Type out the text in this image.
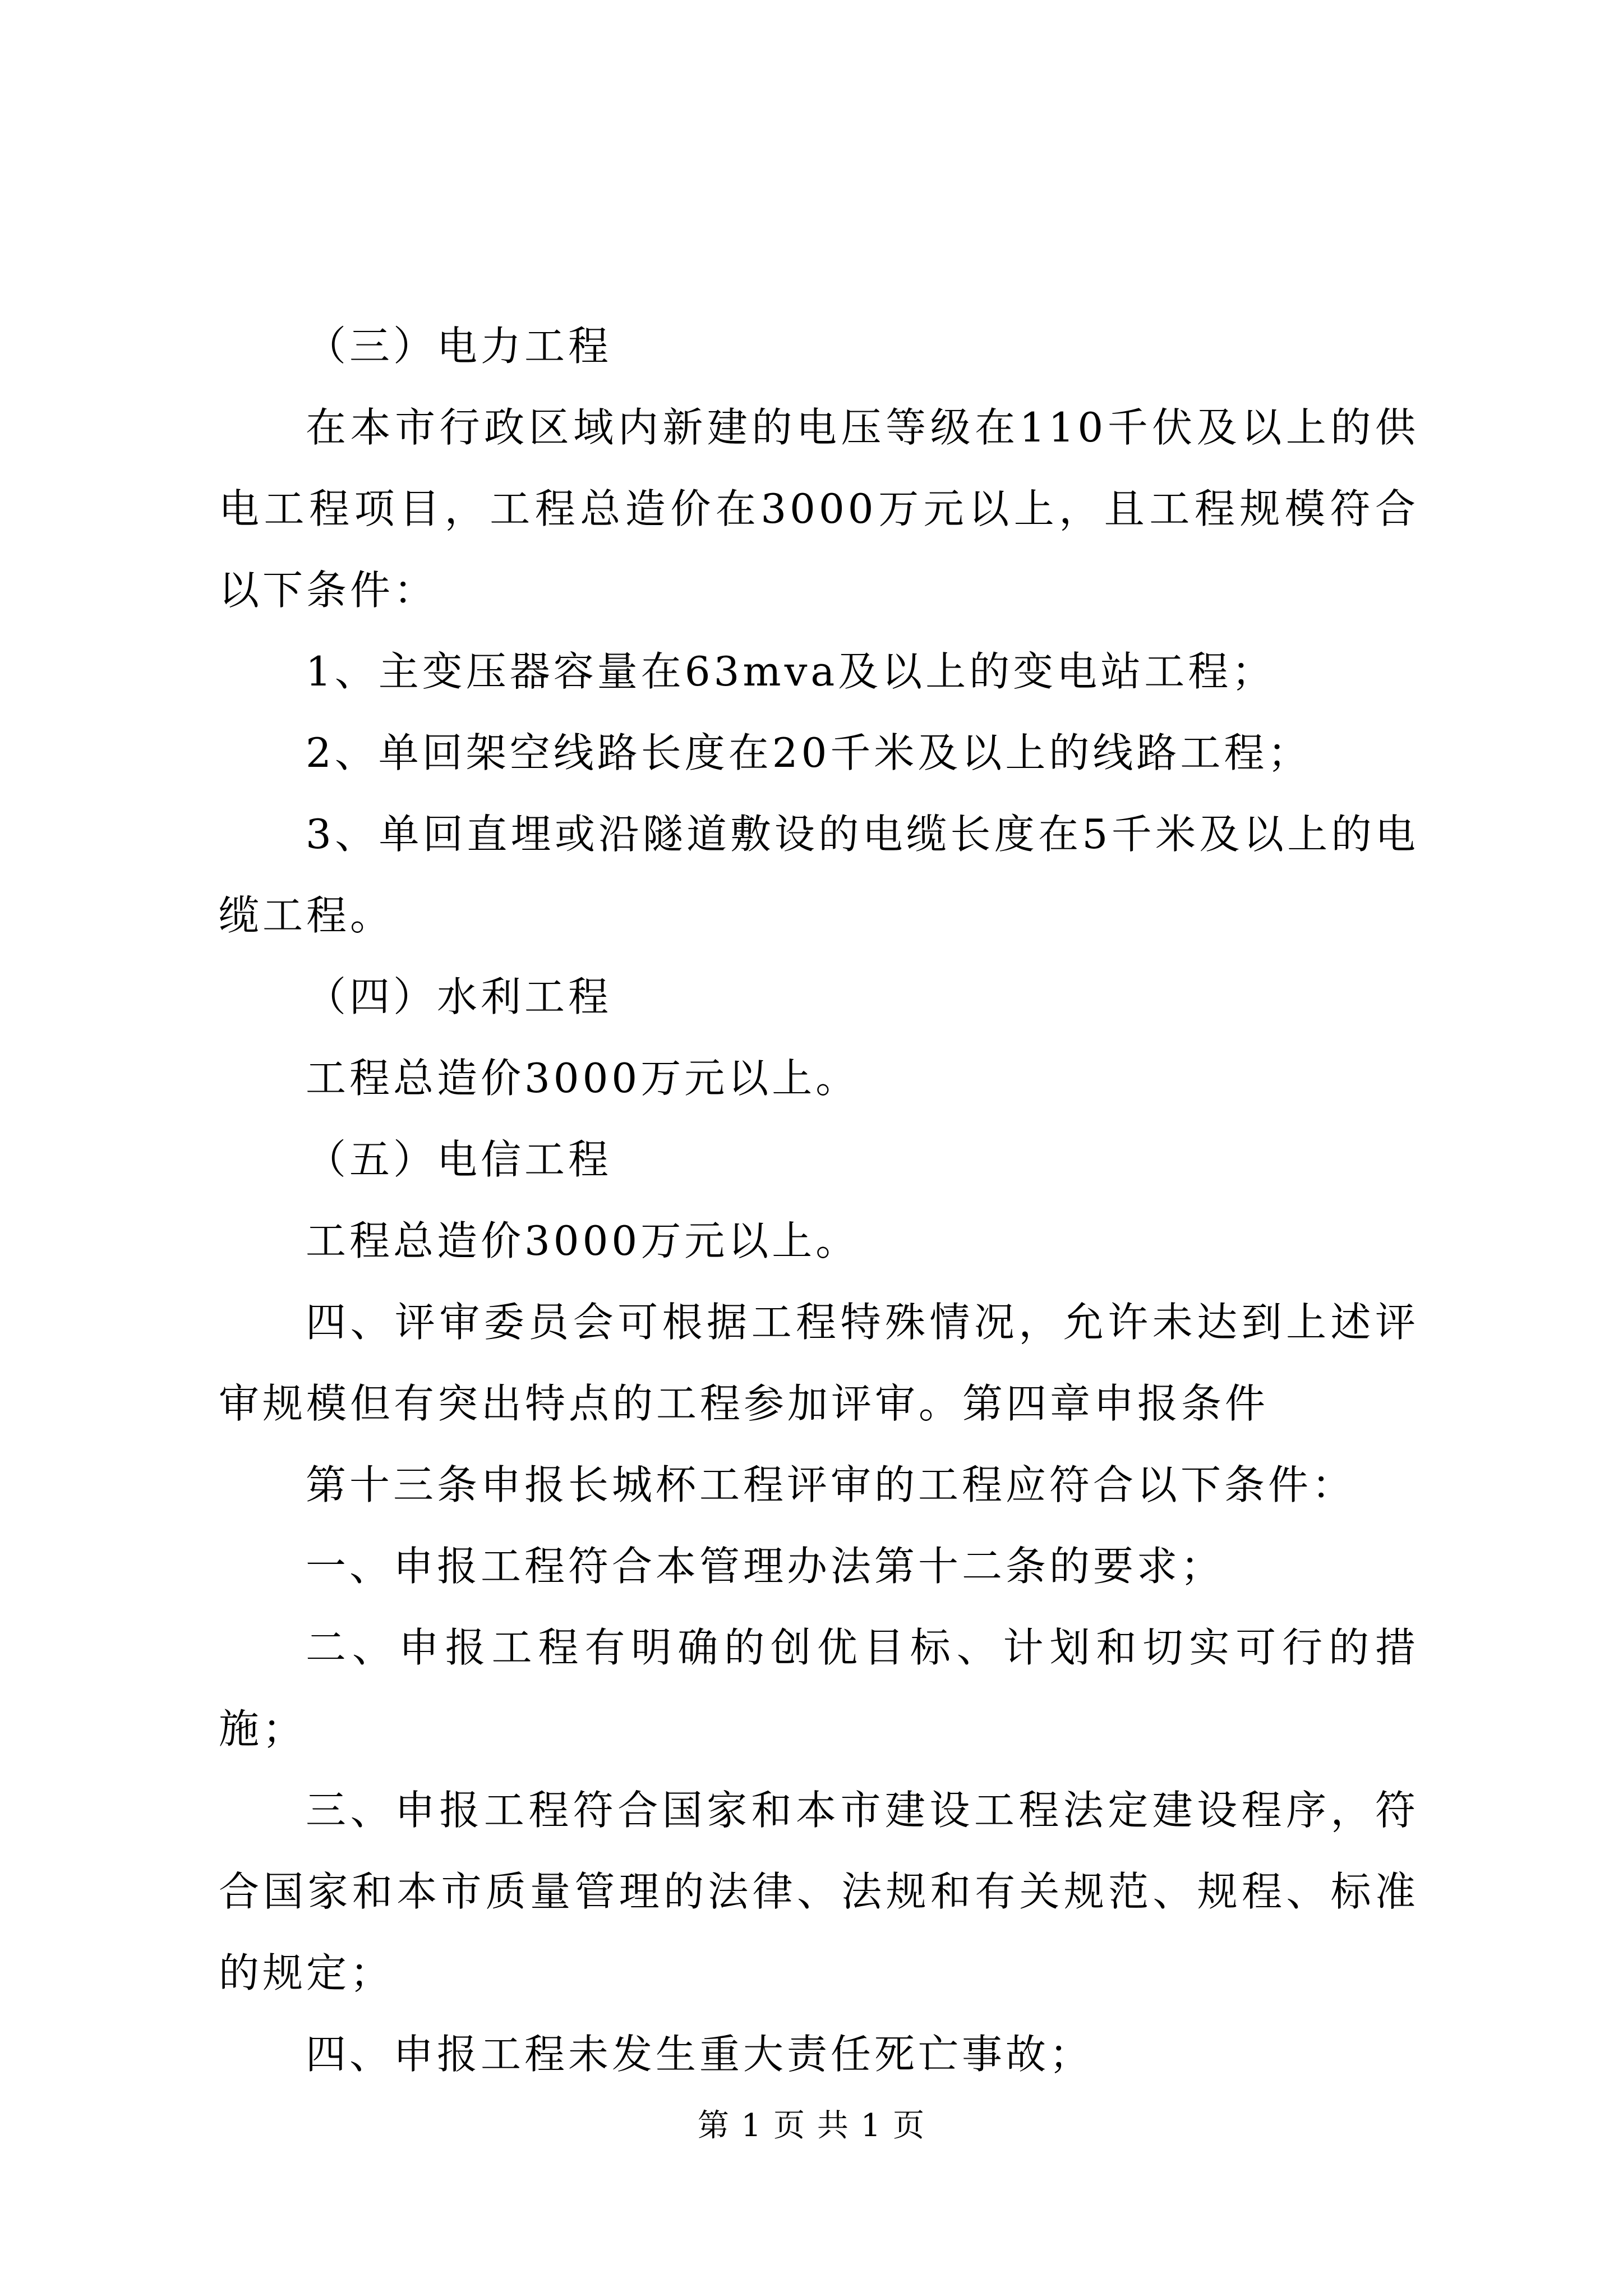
（三）电力工程

在本市行政区域内新建的电压等级在110千伏及以上的供电工程项目，工程总造价在3000万元以上，且工程规模符合以下条件：

1、主变压器容量在63mva及以上的变电站工程；

2、单回架空线路长度在20千米及以上的线路工程；

3、单回直埋或沿隧道敷设的电缆长度在5千米及以上的电缆工程。

（四）水利工程

工程总造价3000万元以上。

（五）电信工程

工程总造价3000万元以上。

四、评审委员会可根据工程特殊情况，允许未达到上述评审规模但有突出特点的工程参加评审。第四章申报条件

第十三条申报长城杯工程评审的工程应符合以下条件：

一、申报工程符合本管理办法第十二条的要求；

二、申报工程有明确的创优目标、计划和切实可行的措施；

三、申报工程符合国家和本市建设工程法定建设程序，符合国家和本市质量管理的法律、法规和有关规范、规程、标准的规定；

四、申报工程未发生重大责任死亡事故；

第 1 页 共 1 页
